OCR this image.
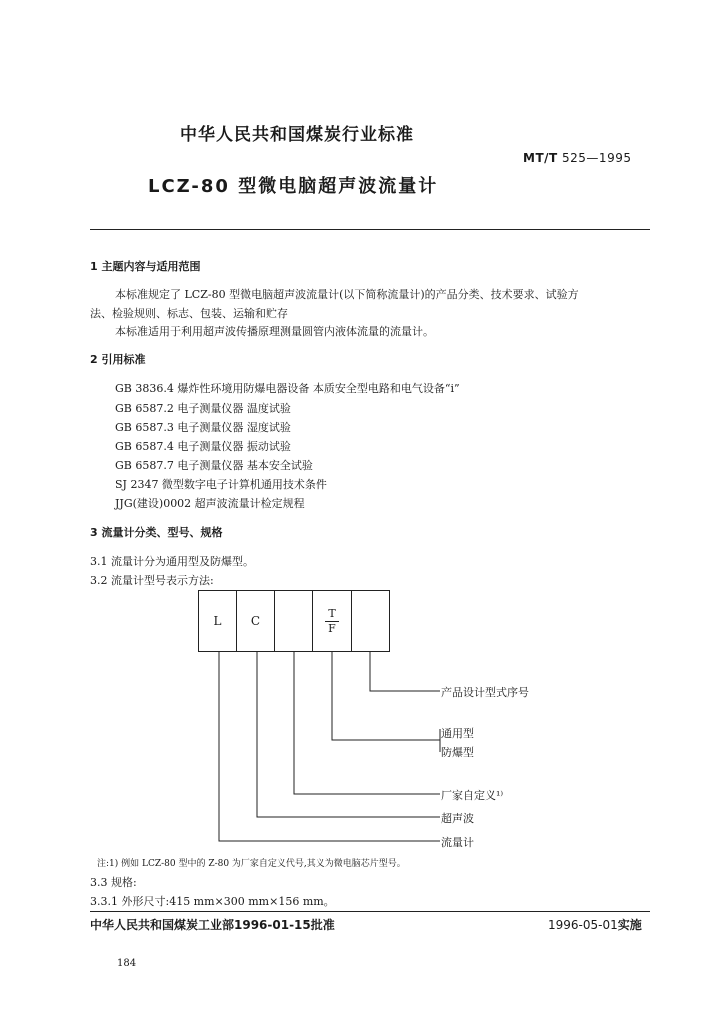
中华人民共和国煤炭行业标准
MT/T 525—1995
LCZ-80 型微电脑超声波流量计
1 主题内容与适用范围
本标准规定了 LCZ-80 型微电脑超声波流量计(以下简称流量计)的产品分类、技术要求、试验方
法、检验规则、标志、包装、运输和贮存
本标准适用于利用超声波传播原理测量圆管内液体流量的流量计。
2 引用标准
GB 3836.4 爆炸性环境用防爆电器设备 本质安全型电路和电气设备“i”
GB 6587.2 电子测量仪器 温度试验
GB 6587.3 电子测量仪器 湿度试验
GB 6587.4 电子测量仪器 振动试验
GB 6587.7 电子测量仪器 基本安全试验
SJ 2347 微型数字电子计算机通用技术条件
JJG(建设)0002 超声波流量计检定规程
3 流量计分类、型号、规格
3.1 流量计分为通用型及防爆型。
3.2 流量计型号表示方法:
L C	$\frac{T}{F}$
产品设计型式序号
通用型
防爆型
厂家自定义¹⁾
超声波
流量计
注:1) 例如 LCZ-80 型中的 Z-80 为厂家自定义代号,其义为微电脑芯片型号。
3.3 规格:
3.3.1 外形尺寸:415 mm×300 mm×156 mm。
中华人民共和国煤炭工业部1996-01-15批准	1996-05-01实施
184
